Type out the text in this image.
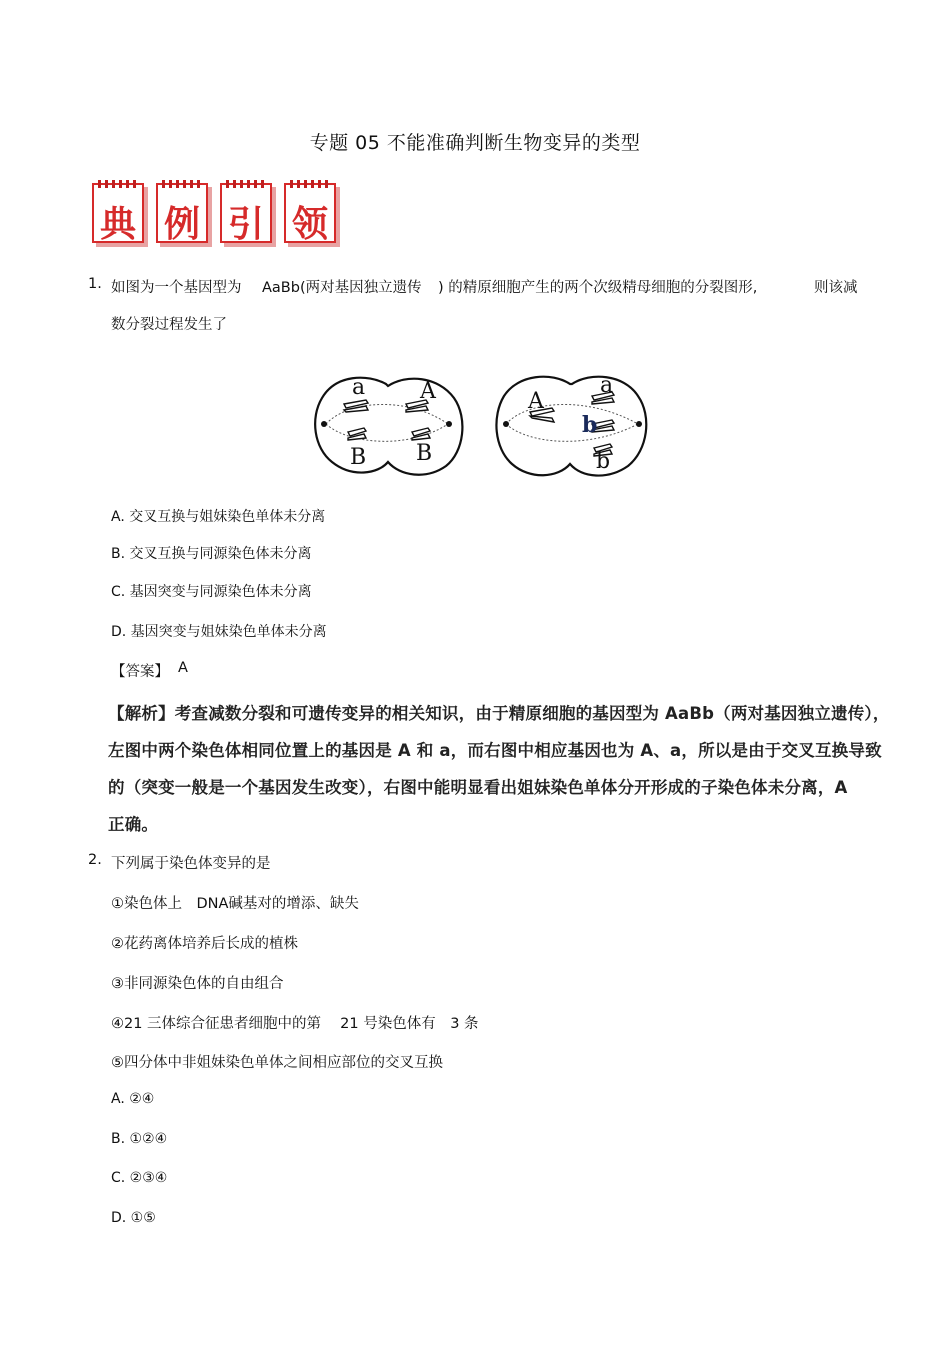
专题 05 不能准确判断生物变异的类型
典 例 引 领
1. 如图为一个基因型为 AaBb(两对基因独立遗传 ) 的精原细胞产生的两个次级精母细胞的分裂图形,	则该减
数分裂过程发生了
a A
B B
A
a
b
b
A. 交叉互换与姐妹染色单体未分离
B. 交叉互换与同源染色体未分离
C. 基因突变与同源染色体未分离
D. 基因突变与姐妹染色单体未分离
【答案】 A
【解析】考查减数分裂和可遗传变异的相关知识，由于精原细胞的基因型为 AaBb（两对基因独立遗传），
左图中两个染色体相同位置上的基因是 A 和 a，而右图中相应基因也为 A、a，所以是由于交叉互换导致
的（突变一般是一个基因发生改变），右图中能明显看出姐妹染色单体分开形成的子染色体未分离，A
正确。
2. 下列属于染色体变异的是
①染色体上　DNA碱基对的增添、缺失
②花药离体培养后长成的植株
③非同源染色体的自由组合
④21 三体综合征患者细胞中的第　 21 号染色体有　3 条
⑤四分体中非姐妹染色单体之间相应部位的交叉互换
A. ②④
B. ①②④
C. ②③④
D. ①⑤
